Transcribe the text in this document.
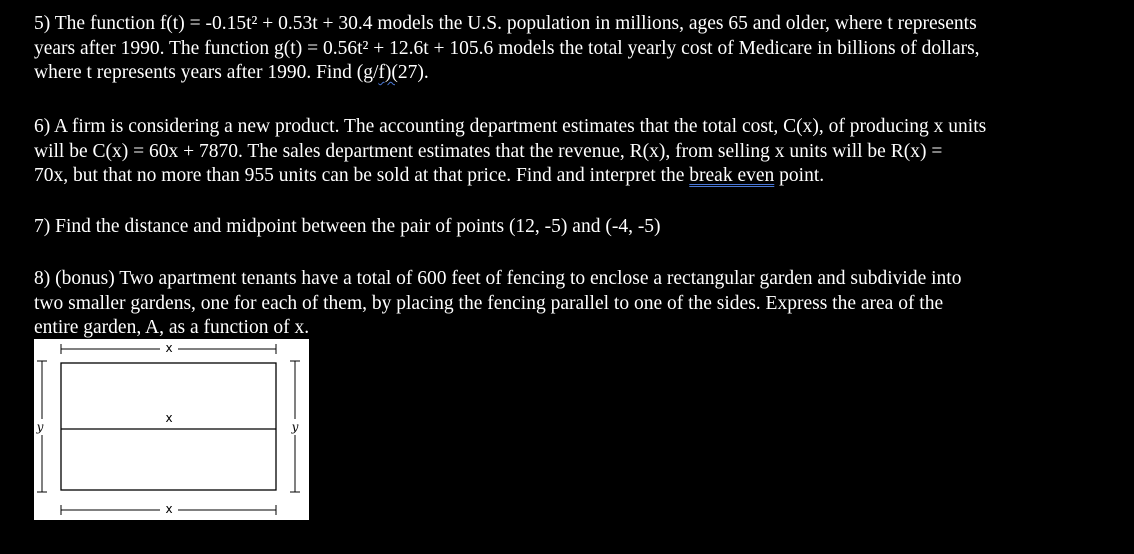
5) The function f(t) = -0.15t² + 0.53t + 30.4 models the U.S. population in millions, ages 65 and older, where t represents
years after 1990. The function g(t) = 0.56t² + 12.6t + 105.6 models the total yearly cost of Medicare in billions of dollars,
where t represents years after 1990. Find (g/f)(27).
6) A firm is considering a new product. The accounting department estimates that the total cost, C(x), of producing x units
will be C(x) = 60x + 7870. The sales department estimates that the revenue, R(x), from selling x units will be R(x) =
70x, but that no more than 955 units can be sold at that price. Find and interpret the break even point.
7) Find the distance and midpoint between the pair of points (12, -5) and (-4, -5)
8) (bonus) Two apartment tenants have a total of 600 feet of fencing to enclose a rectangular garden and subdivide into
two smaller gardens, one for each of them, by placing the fencing parallel to one of the sides. Express the area of the
entire garden, A, as a function of x.
x
x
y	y
x
